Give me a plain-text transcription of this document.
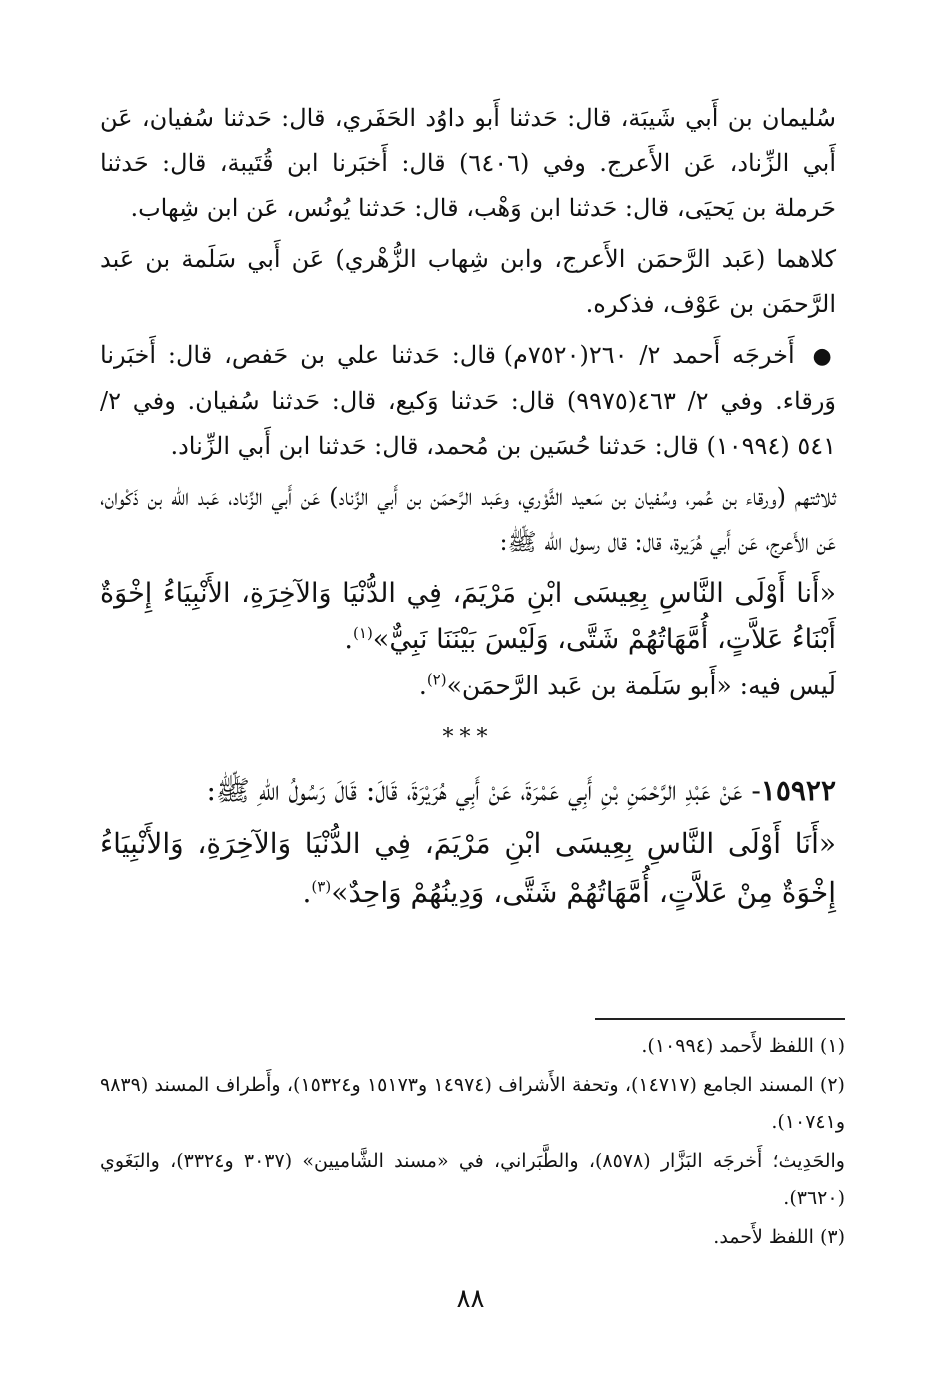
سُليمان بن أَبي شَيبَة، قال: حَدثنا أَبو داوُد الحَفَري، قال: حَدثنا سُفيان، عَن أَبي الزِّناد، عَن الأَعرج. وفي (٦٤٠٦) قال: أَخبَرنا ابن قُتَيبة، قال: حَدثنا حَرملة بن يَحيَى، قال: حَدثنا ابن وَهْب، قال: حَدثنا يُونُس، عَن ابن شِهاب.

كلاهما (عَبد الرَّحمَن الأَعرج، وابن شِهاب الزُّهْري) عَن أَبي سَلَمة بن عَبد الرَّحمَن بن عَوْف، فذكره.

● أَخرجَه أَحمد ٢/ ٢٦٠(٧٥٢٠م) قال: حَدثنا علي بن حَفص، قال: أَخبَرنا وَرقاء. وفي ٢/ ٤٦٣(٩٩٧٥) قال: حَدثنا وَكيع، قال: حَدثنا سُفيان. وفي ٢/ ٥٤١ (١٠٩٩٤) قال: حَدثنا حُسَين بن مُحمد، قال: حَدثنا ابن أَبي الزِّناد.

ثلاثتهم (ورقاء بن عُمر، وسُفيان بن سَعيد الثَّوْري، وعَبد الرَّحمَن بن أَبي الزِّناد) عَن أَبي الزِّناد، عَبد الله بن ذَكْوان، عَن الأَعرج، عَن أَبي هُرَيرة، قال: قال رسول الله ﷺ:

«أَنا أَوْلَى النَّاسِ بِعِيسَى ابْنِ مَرْيَمَ، فِي الدُّنْيَا وَالآخِرَةِ، الأَنْبِيَاءُ إِخْوَةٌ أَبْنَاءُ عَلاَّتٍ، أُمَّهَاتُهُمْ شَتَّى، وَلَيْسَ بَيْنَنَا نَبِيٌّ»$^{(١)}$.

لَيس فيه: «أَبو سَلَمة بن عَبد الرَّحمَن»$^{(٢)}$.

***

١٥٩٢٢- عَنْ عَبْدِ الرَّحْمَنِ بْنِ أَبِي عَمْرَةَ، عَنْ أَبِي هُرَيْرَةَ، قَالَ: قَالَ رَسُولُ اللهِ ﷺ:

«أَنَا أَوْلَى النَّاسِ بِعِيسَى ابْنِ مَرْيَمَ، فِي الدُّنْيَا وَالآخِرَةِ، وَالأَنْبِيَاءُ إِخْوَةٌ مِنْ عَلاَّتٍ، أُمَّهَاتُهُمْ شَتَّى، وَدِينُهُمْ وَاحِدٌ»$^{(٣)}$.

(١) اللفظ لأَحمد (١٠٩٩٤).

(٢) المسند الجامع (١٤٧١٧)، وتحفة الأَشراف (١٤٩٧٤ و١٥١٧٣ و١٥٣٢٤)، وأَطراف المسند (٩٨٣٩ و١٠٧٤١).

والحَدِيث؛ أَخرجَه البَزَّار (٨٥٧٨)، والطَّبَراني، في «مسند الشَّاميين» (٣٠٣٧ و٣٣٢٤)، والبَغَوي (٣٦٢٠).

(٣) اللفظ لأَحمد.

٨٨
